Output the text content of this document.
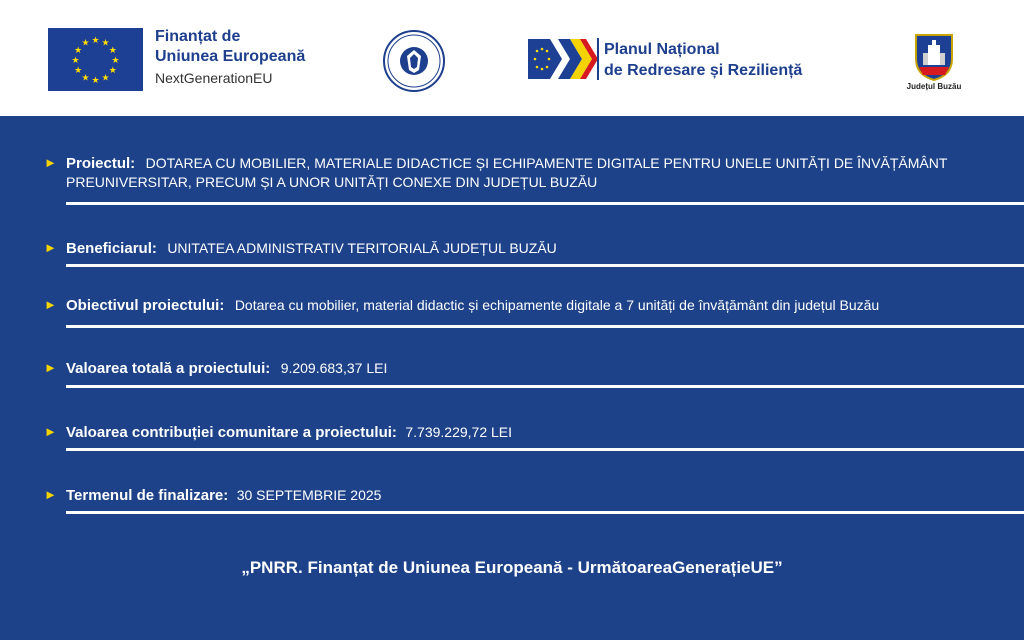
★ ★
★
★
★
★
★
★
★
★
★
★	Finanțat de
Uniunea Europeană
NextGenerationEU
Planul Național
de Redresare și Reziliență
Județul Buzău
► Proiectul: DOTAREA CU MOBILIER, MATERIALE DIDACTICE ȘI ECHIPAMENTE DIGITALE PENTRU UNELE UNITĂȚI DE ÎNVĂȚĂMÂNT PREUNIVERSITAR, PRECUM ȘI A UNOR UNITĂȚI CONEXE DIN JUDEȚUL BUZĂU
► Beneficiarul: UNITATEA ADMINISTRATIV TERITORIALĂ JUDEȚUL BUZĂU
► Obiectivul proiectului: Dotarea cu mobilier, material didactic și echipamente digitale a 7 unități de învățământ din județul Buzău
► Valoarea totală a proiectului: 9.209.683,37 LEI
► Valoarea contribuției comunitare a proiectului: 7.739.229,72 LEI
► Termenul de finalizare: 30 SEPTEMBRIE 2025
„PNRR. Finanțat de Uniunea Europeană - UrmătoareaGenerațieUE”
